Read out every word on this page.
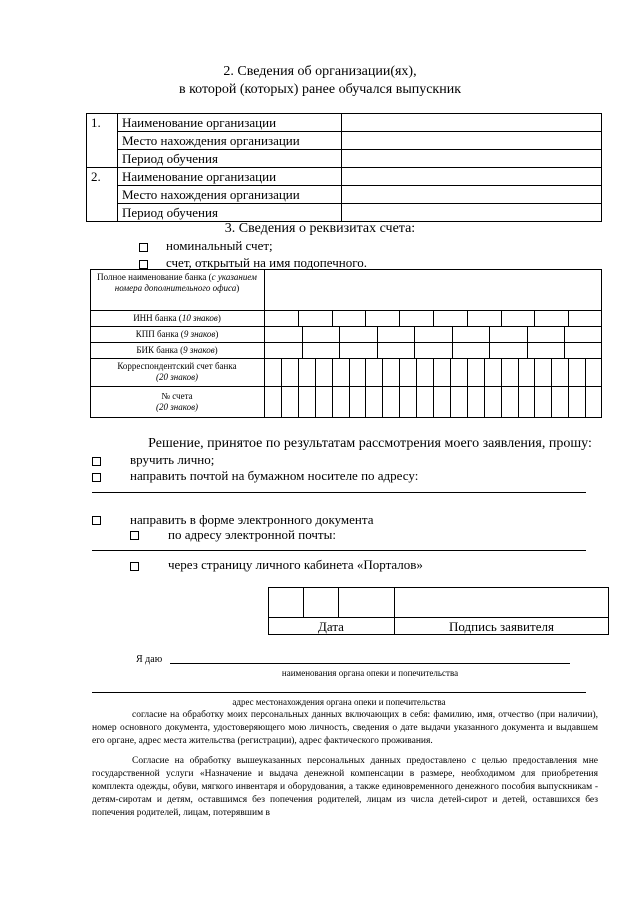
2. Сведения об организации(ях),
в которой (которых) ранее обучался выпускник
1.	Наименование организации	
	Место нахождения организации	
	Период обучения	
2.	Наименование организации	
	Место нахождения организации	
	Период обучения	
3. Сведения о реквизитах счета:
номинальный счет;
счет, открытый на имя подопечного.
Полное наименование банка (с указанием номера дополнительного офиса)
ИНН банка (10 знаков)
КПП банка (9 знаков)
БИК банка (9 знаков)
Корреспондентский счет банка
(20 знаков)
№ счета
(20 знаков)
Решение, принятое по результатам рассмотрения моего заявления, прошу:
вручить лично;
направить почтой на бумажном носителе по адресу:
направить в форме электронного документа
по адресу электронной почты:
через страницу личного кабинета «Порталов»
Дата	Подпись заявителя
Я даю
наименования органа опеки и попечительства
адрес местонахождения органа опеки и попечительства
согласие на обработку моих персональных данных включающих в себя: фамилию, имя, отчество (при наличии), номер основного документа, удостоверяющего мою личность, сведения о дате выдачи указанного документа и выдавшем его органе, адрес места жительства (регистрации), адрес фактического проживания.
Согласие на обработку вышеуказанных персональных данных предоставлено с целью предоставления мне государственной услуги «Назначение и выдача денежной компенсации в размере, необходимом для приобретения комплекта одежды, обуви, мягкого инвентаря и оборудования, а также единовременного денежного пособия выпускникам - детям-сиротам и детям, оставшимся без попечения родителей, лицам из числа детей-сирот и детей, оставшихся без попечения родителей, лицам, потерявшим в
